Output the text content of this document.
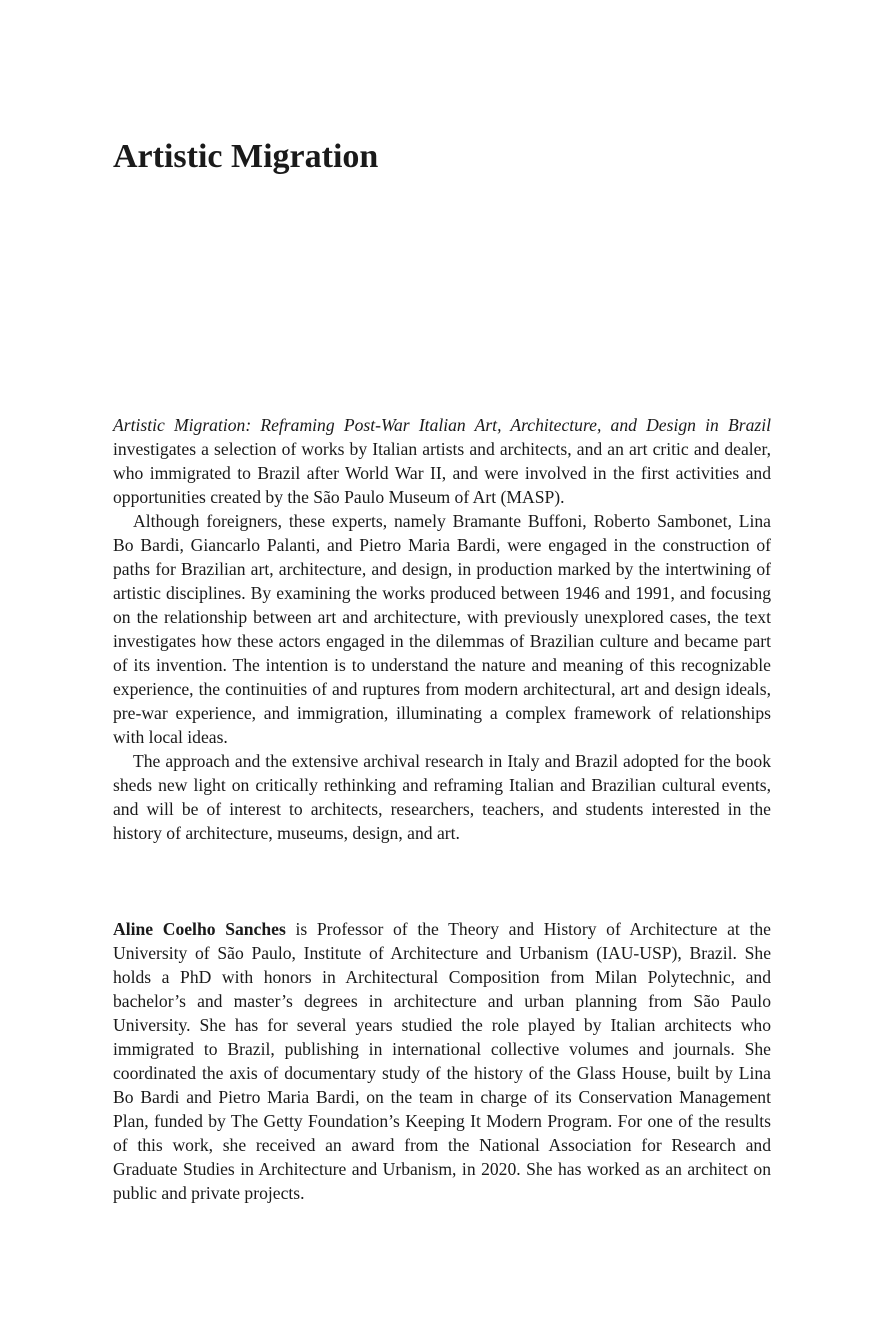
Artistic Migration

Artistic Migration: Reframing Post-War Italian Art, Architecture, and Design in Brazil investigates a selection of works by Italian artists and architects, and an art critic and dealer, who immigrated to Brazil after World War II, and were involved in the first activities and opportunities created by the São Paulo Museum of Art (MASP).

Although foreigners, these experts, namely Bramante Buffoni, Roberto Sambonet, Lina Bo Bardi, Giancarlo Palanti, and Pietro Maria Bardi, were engaged in the construction of paths for Brazilian art, architecture, and design, in production marked by the intertwining of artistic disciplines. By examining the works produced between 1946 and 1991, and focusing on the relationship between art and architecture, with previously unexplored cases, the text investigates how these actors engaged in the dilemmas of Brazilian culture and became part of its invention. The intention is to understand the nature and meaning of this recognizable experience, the continuities of and ruptures from modern architectural, art and design ideals, pre-war experience, and immigration, illuminating a complex framework of relationships with local ideas.

The approach and the extensive archival research in Italy and Brazil adopted for the book sheds new light on critically rethinking and reframing Italian and Brazilian cultural events, and will be of interest to architects, researchers, teachers, and students interested in the history of architecture, museums, design, and art.

Aline Coelho Sanches is Professor of the Theory and History of Architecture at the University of São Paulo, Institute of Architecture and Urbanism (IAU-USP), Brazil. She holds a PhD with honors in Architectural Composition from Milan Polytechnic, and bachelor’s and master’s degrees in architecture and urban planning from São Paulo University. She has for several years studied the role played by Italian architects who immigrated to Brazil, publishing in international collective volumes and journals. She coordinated the axis of documentary study of the history of the Glass House, built by Lina Bo Bardi and Pietro Maria Bardi, on the team in charge of its Conservation Management Plan, funded by The Getty Foundation’s Keeping It Modern Program. For one of the results of this work, she received an award from the National Association for Research and Graduate Studies in Architecture and Urbanism, in 2020. She has worked as an architect on public and private projects.
